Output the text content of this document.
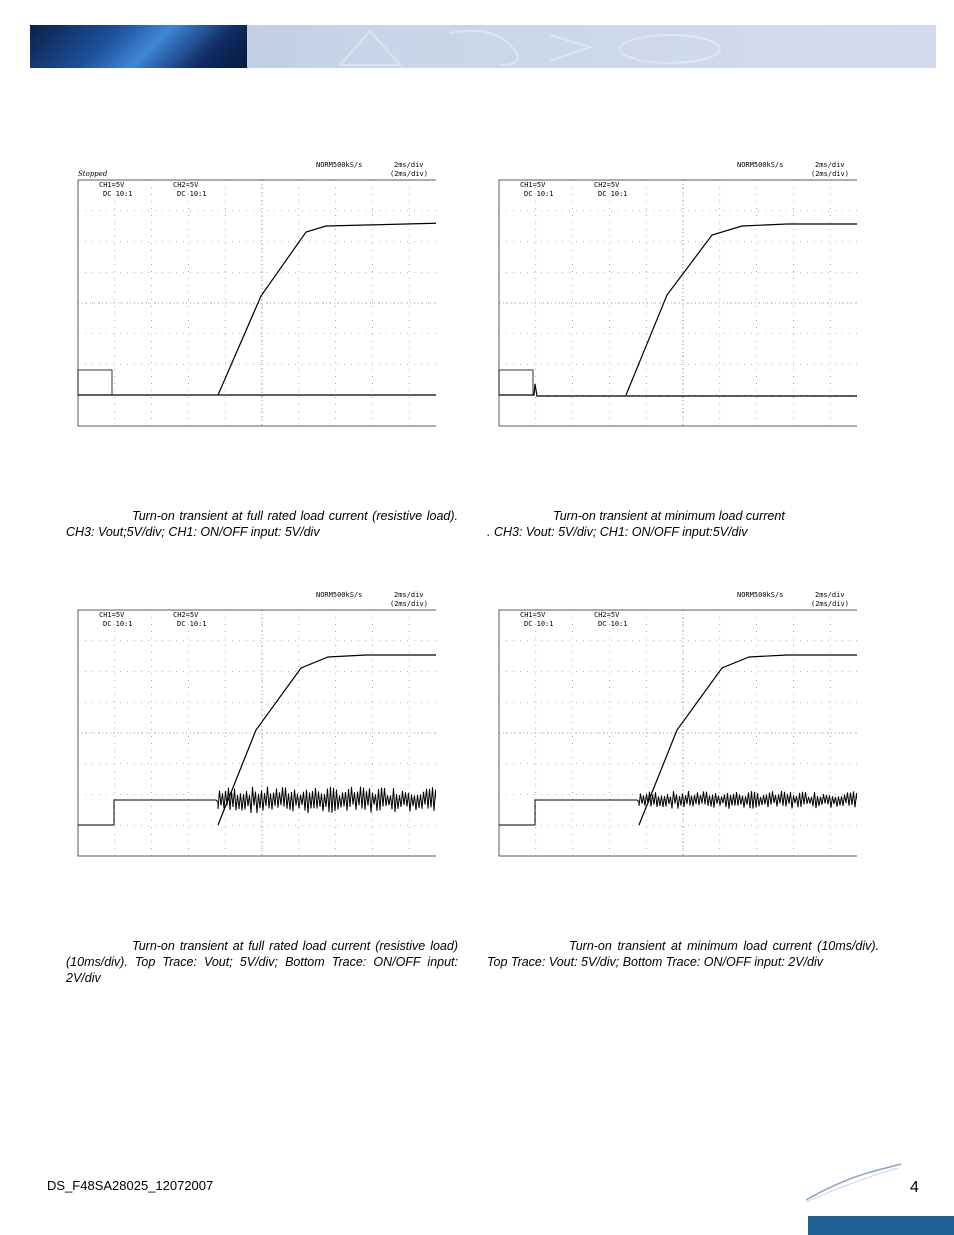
NORM500kS/s	2ms/div
(2ms/div)
Stopped
CH1=5V
DC 10:1
CH2=5V
DC 10:1
NORM500kS/s	2ms/div
(2ms/div)
CH1=5V
DC 10:1
CH2=5V
DC 10:1
Turn-on transient at full rated load current (resistive load). CH3: Vout;5V/div; CH1: ON/OFF input: 5V/div
Turn-on transient at minimum load current
. CH3: Vout: 5V/div; CH1: ON/OFF input:5V/div
NORM500kS/s	2ms/div
(2ms/div)
CH1=5V
DC 10:1
CH2=5V
DC 10:1
NORM500kS/s	2ms/div
(2ms/div)
CH1=5V
DC 10:1
CH2=5V
DC 10:1
Turn-on transient at full rated load current (resistive load) (10ms/div). Top Trace: Vout; 5V/div; Bottom Trace: ON/OFF input: 2V/div
Turn-on transient at minimum load current (10ms/div). Top Trace: Vout: 5V/div; Bottom Trace: ON/OFF input: 2V/div
DS_F48SA28025_12072007	4
